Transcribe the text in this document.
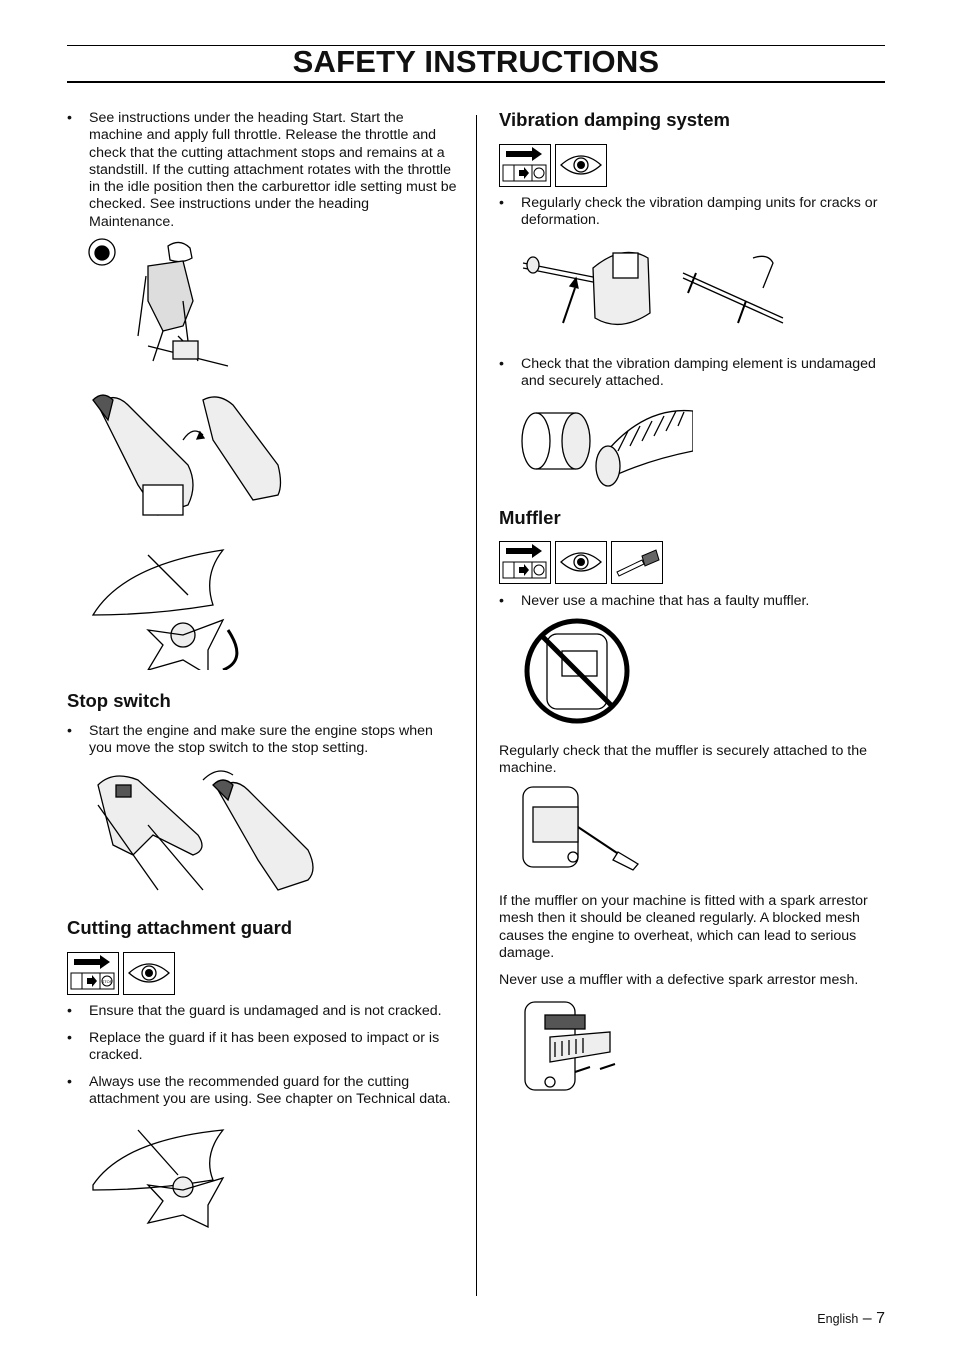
SAFETY INSTRUCTIONS
• See instructions under the heading Start. Start the machine and apply full throttle. Release the throttle and check that the cutting attachment stops and remains at a standstill. If the cutting attachment rotates with the throttle in the idle position then the carburettor idle setting must be checked. See instructions under the heading Maintenance.
Stop switch
• Start the engine and make sure the engine stops when you move the stop switch to the stop setting.
Cutting attachment guard
STOP
• Ensure that the guard is undamaged and is not cracked.
• Replace the guard if it has been exposed to impact or is cracked.
• Always use the recommended guard for the cutting attachment you are using. See chapter on Technical data.
Vibration damping system
• Regularly check the vibration damping units for cracks or deformation.
• Check that the vibration damping element is undamaged and securely attached.
Muffler
• Never use a machine that has a faulty muffler.
Regularly check that the muffler is securely attached to the machine.
If the muffler on your machine is fitted with a spark arrestor mesh then it should be cleaned regularly. A blocked mesh causes the engine to overheat, which can lead to serious damage.
Never use a muffler with a defective spark arrestor mesh.
English – 7
